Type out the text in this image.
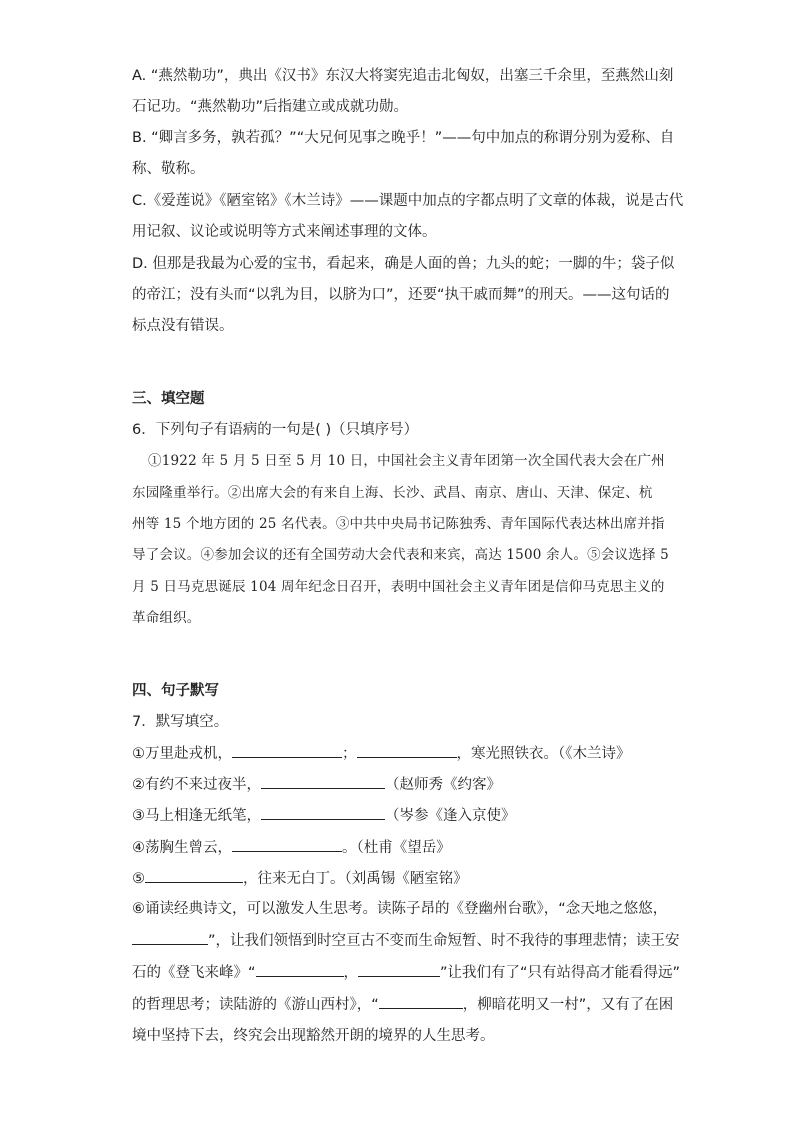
A. “燕然勒功”，典出《汉书》东汉大将窦宪追击北匈奴，出塞三千余里，至燕然山刻
石记功。“燕然勒功”后指建立或成就功勋。
B. “卿言多务，孰若孤？”“大兄何见事之晚乎！”——句中加点的称谓分别为爱称、自
称、敬称。
C.《爱莲说》《陋室铭》《木兰诗》——课题中加点的字都点明了文章的体裁，说是古代
用记叙、议论或说明等方式来阐述事理的文体。
D. 但那是我最为心爱的宝书，看起来，确是人面的兽；九头的蛇；一脚的牛；袋子似
的帝江；没有头而“以乳为目，以脐为口”，还要“执干戚而舞”的刑天。——这句话的
标点没有错误。
三、填空题
6．下列句子有语病的一句是( )（只填序号）
①1922 年 5 月 5 日至 5 月 10 日，中国社会主义青年团第一次全国代表大会在广州
东园隆重举行。②出席大会的有来自上海、长沙、武昌、南京、唐山、天津、保定、杭
州等 15 个地方团的 25 名代表。③中共中央局书记陈独秀、青年国际代表达林出席并指
导了会议。④参加会议的还有全国劳动大会代表和来宾，高达 1500 余人。⑤会议选择 5
月 5 日马克思诞辰 104 周年纪念日召开，表明中国社会主义青年团是信仰马克思主义的
革命组织。
四、句子默写
7．默写填空。
①万里赴戎机，	；	，寒光照铁衣。（《木兰诗》
②有约不来过夜半，	（赵师秀《约客》
③马上相逢无纸笔，	（岑参《逢入京使》
④荡胸生曾云，	。（杜甫《望岳》
⑤	，往来无白丁。（刘禹锡《陋室铭》
⑥诵读经典诗文，可以激发人生思考。读陈子昂的《登幽州台歌》，“念天地之悠悠，
”，让我们领悟到时空亘古不变而生命短暂、时不我待的事理悲情；读王安
石的《登飞来峰》“	，	”让我们有了“只有站得高才能看得远”
的哲理思考；读陆游的《游山西村》，“	，柳暗花明又一村”，又有了在困
境中坚持下去，终究会出现豁然开朗的境界的人生思考。
